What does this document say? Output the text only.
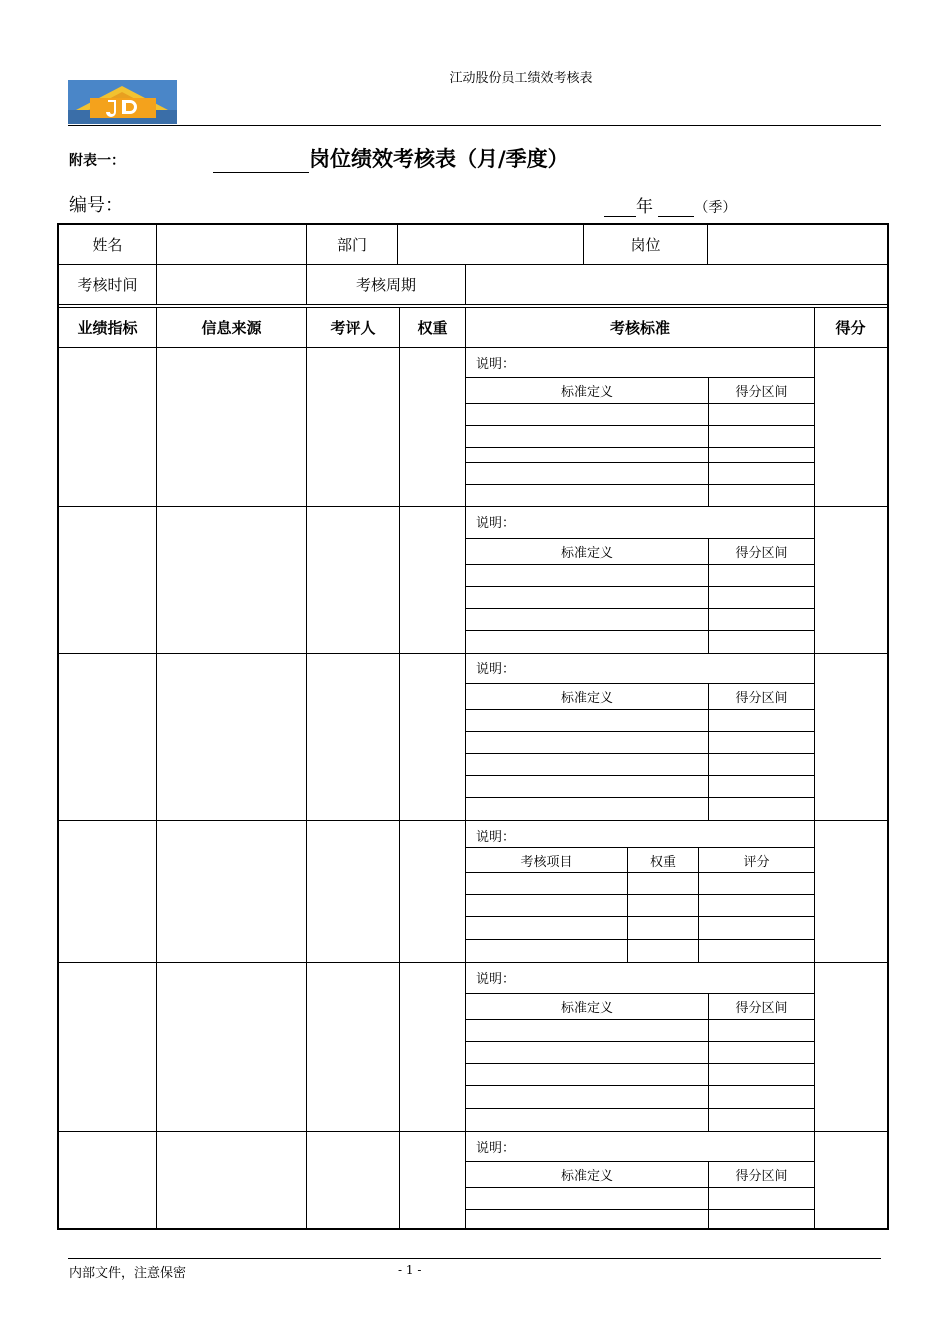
江动股份员工绩效考核表
附表一：	岗位绩效考核表（月/季度）
编号：	年	（季）
姓名	部门	岗位
考核时间	考核周期
业绩指标	信息来源	考评人	权重	考核标准	得分
说明：
标准定义	得分区间
说明：
标准定义	得分区间
说明：
标准定义	得分区间
说明：
考核项目	权重	评分
说明：
标准定义	得分区间
说明：
标准定义	得分区间
内部文件，注意保密	- 1 -
